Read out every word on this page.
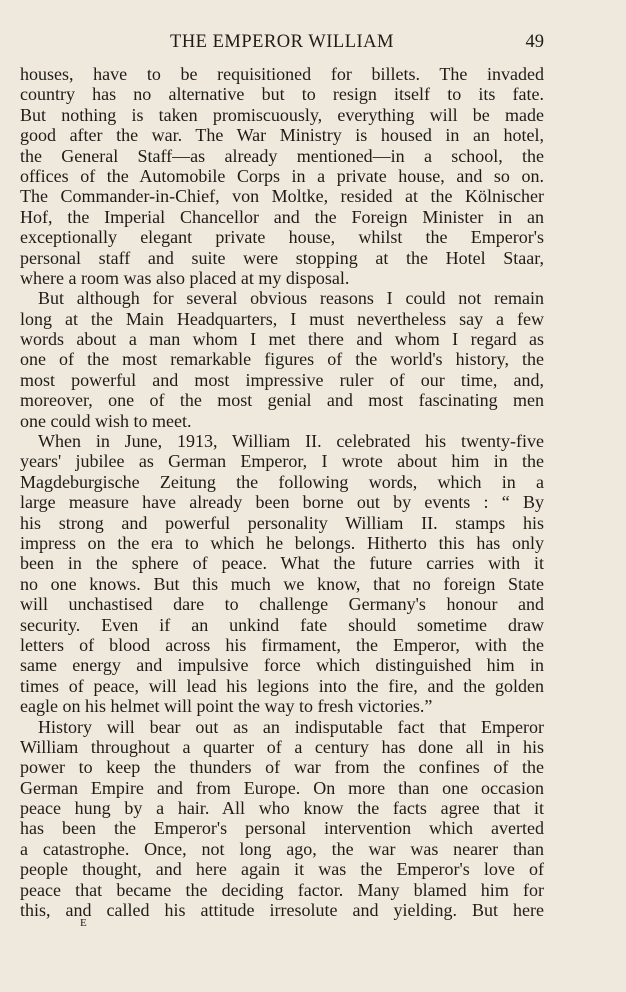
THE EMPEROR WILLIAM	49
houses, have to be requisitioned for billets. The invaded
country has no alternative but to resign itself to its fate.
But nothing is taken promiscuously, everything will be made
good after the war. The War Ministry is housed in an hotel,
the General Staff—as already mentioned—in a school, the
offices of the Automobile Corps in a private house, and so on.
The Commander-in-Chief, von Moltke, resided at the Kölnischer
Hof, the Imperial Chancellor and the Foreign Minister in an
exceptionally elegant private house, whilst the Emperor's
personal staff and suite were stopping at the Hotel Staar,
where a room was also placed at my disposal.
But although for several obvious reasons I could not remain
long at the Main Headquarters, I must nevertheless say a few
words about a man whom I met there and whom I regard as
one of the most remarkable figures of the world's history, the
most powerful and most impressive ruler of our time, and,
moreover, one of the most genial and most fascinating men
one could wish to meet.
When in June, 1913, William II. celebrated his twenty-five
years' jubilee as German Emperor, I wrote about him in the
Magdeburgische Zeitung the following words, which in a
large measure have already been borne out by events : “ By
his strong and powerful personality William II. stamps his
impress on the era to which he belongs. Hitherto this has only
been in the sphere of peace. What the future carries with it
no one knows. But this much we know, that no foreign State
will unchastised dare to challenge Germany's honour and
security. Even if an unkind fate should sometime draw
letters of blood across his firmament, the Emperor, with the
same energy and impulsive force which distinguished him in
times of peace, will lead his legions into the fire, and the golden
eagle on his helmet will point the way to fresh victories.”
History will bear out as an indisputable fact that Emperor
William throughout a quarter of a century has done all in his
power to keep the thunders of war from the confines of the
German Empire and from Europe. On more than one occasion
peace hung by a hair. All who know the facts agree that it
has been the Emperor's personal intervention which averted
a catastrophe. Once, not long ago, the war was nearer than
people thought, and here again it was the Emperor's love of
peace that became the deciding factor. Many blamed him for
this, and called his attitude irresolute and yielding. But here
E
